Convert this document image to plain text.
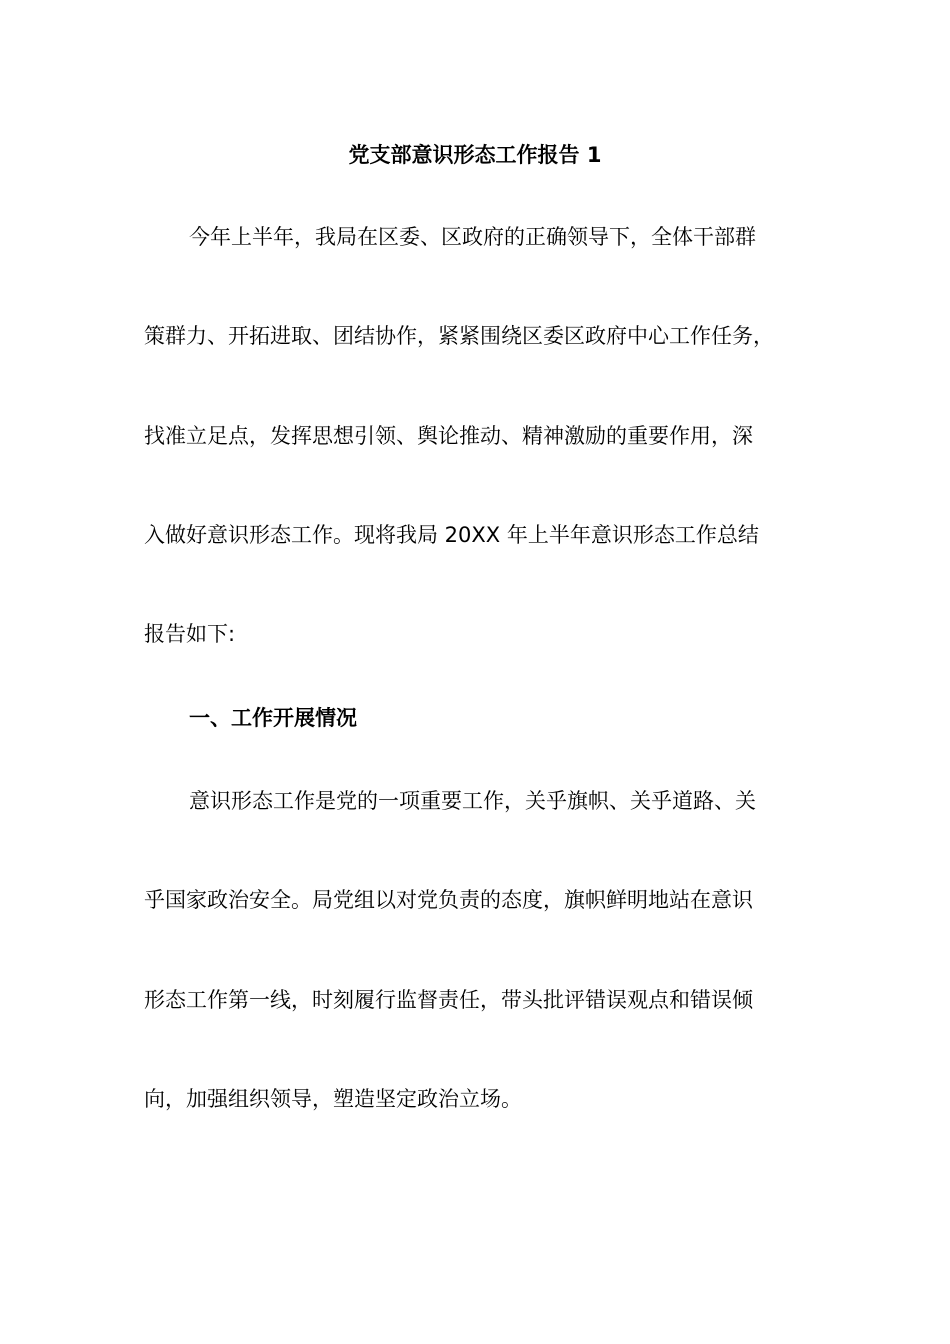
党支部意识形态工作报告 1
今年上半年，我局在区委、区政府的正确领导下，全体干部群
策群力、开拓进取、团结协作，紧紧围绕区委区政府中心工作任务，
找准立足点，发挥思想引领、舆论推动、精神激励的重要作用，深
入做好意识形态工作。现将我局 20XX 年上半年意识形态工作总结
报告如下:
一、工作开展情况
意识形态工作是党的一项重要工作，关乎旗帜、关乎道路、关
乎国家政治安全。局党组以对党负责的态度，旗帜鲜明地站在意识
形态工作第一线，时刻履行监督责任，带头批评错误观点和错误倾
向，加强组织领导，塑造坚定政治立场。
